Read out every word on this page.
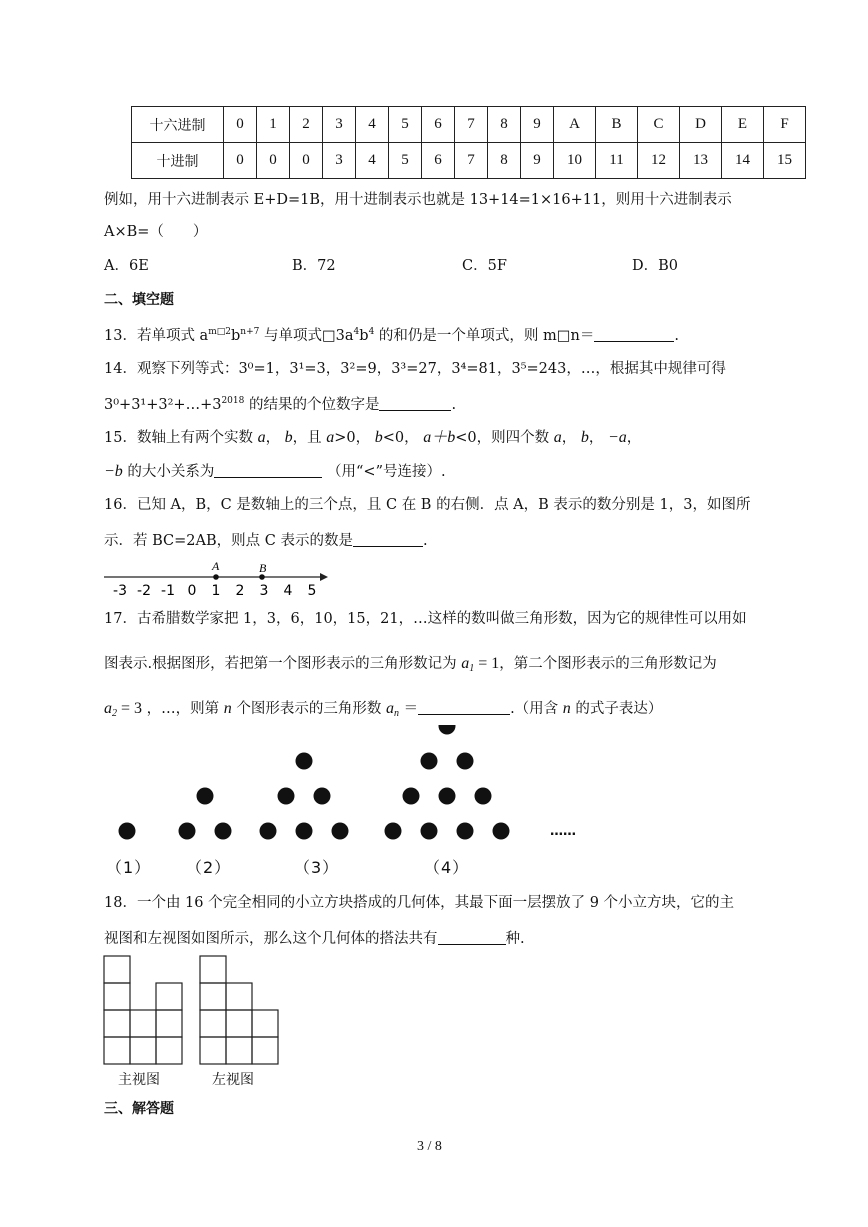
十六进制	0	1	2	3	4	5	6	7	8	9	A	B	C	D	E	F
十进制	0	0	0	3	4	5	6	7	8	9	10	11	12	13	14	15
例如，用十六进制表示 E+D=1B，用十进制表示也就是 13+14=1×16+11，则用十六进制表示
A×B=（　　）
A．6E	B．72	C．5F	D．B0
二、填空题
13．若单项式 $a^{m□2}b^{n+7}$ 与单项式$□3a^4b^4$ 的和仍是一个单项式，则 m□n＝	.
14．观察下列等式：3⁰=1，3¹=3，3²=9，3³=27，3⁴=81，3⁵=243，…，根据其中规律可得
$3^0+3^1+3^2+\dots+3^{2018}$ 的结果的个位数字是	.
15．数轴上有两个实数 a， b，且 a>0， b<0， a＋b<0，则四个数 a， b， −a，
−b 的大小关系为	（用“<”号连接）.
16．已知 A，B，C 是数轴上的三个点，且 C 在 B 的右侧．点 A，B 表示的数分别是 1，3，如图所
示．若 BC=2AB，则点 C 表示的数是	.
-3 -2 -1 0 1 2 3 4 5
A	B
17．古希腊数学家把 1，3，6，10，15，21，…这样的数叫做三角形数，因为它的规律性可以用如
图表示.根据图形，若把第一个图形表示的三角形数记为 $a_1 = 1$，第二个图形表示的三角形数记为
$a_2 = 3$ ，…，则第 n 个图形表示的三角形数 $a_n$ ＝	.（用含 n 的式子表达）
……
（1） （2）	（3）	（4）
18．一个由 16 个完全相同的小立方块搭成的几何体，其最下面一层摆放了 9 个小立方块，它的主
视图和左视图如图所示，那么这个几何体的搭法共有	种.
主视图	左视图
三、解答题
3 / 8
